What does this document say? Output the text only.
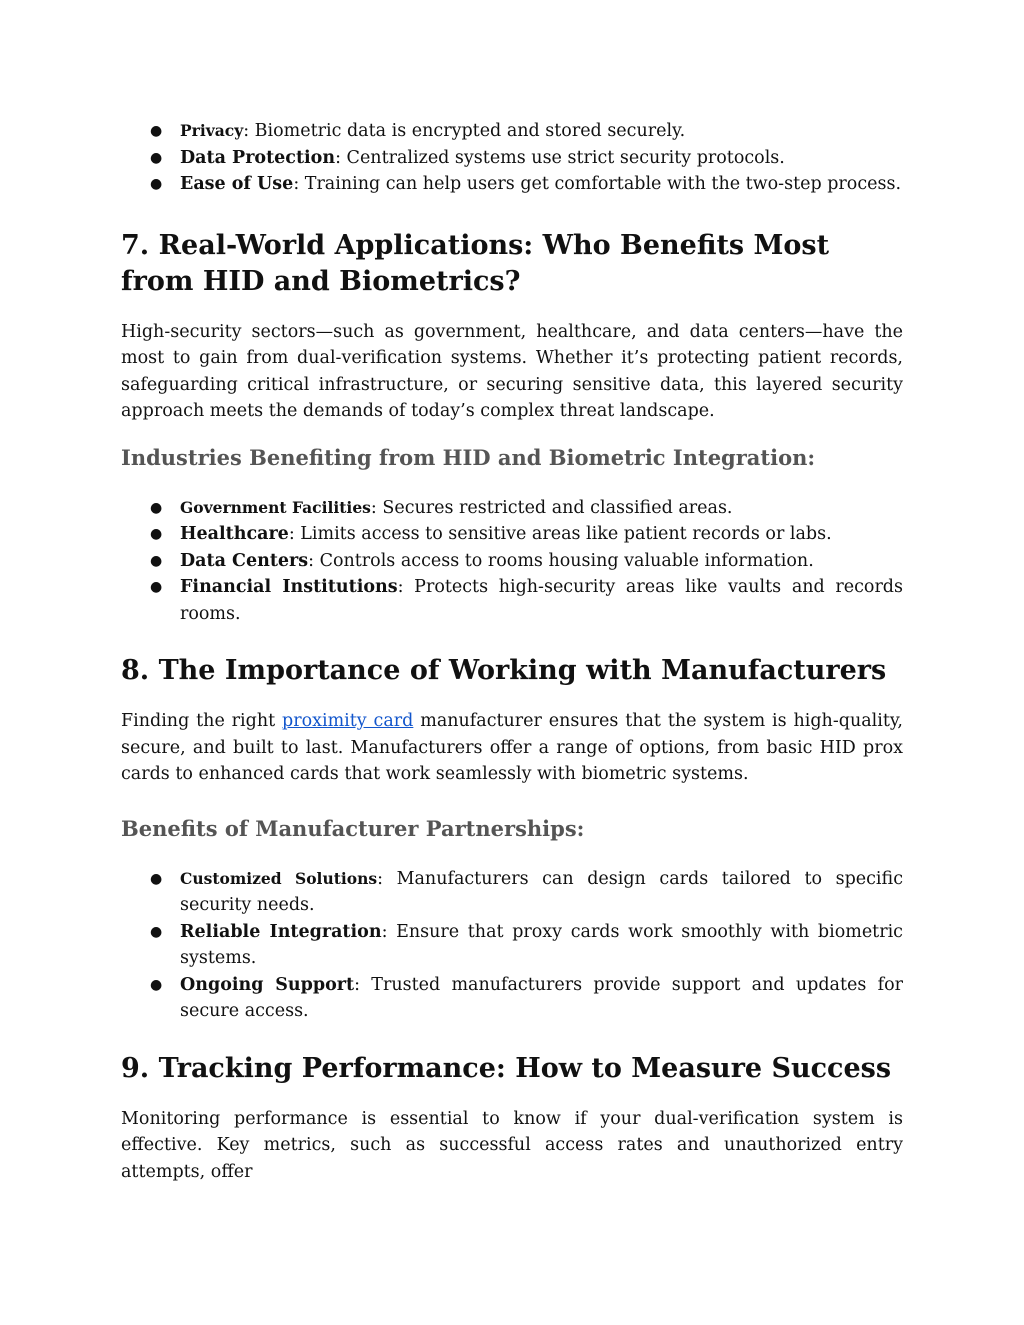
● Privacy: Biometric data is encrypted and stored securely.
● Data Protection: Centralized systems use strict security protocols.
● Ease of Use: Training can help users get comfortable with the two-step process.
7. Real-World Applications: Who Benefits Most from HID and Biometrics?

High-security sectors—such as government, healthcare, and data centers—have the most to gain from dual-verification systems. Whether it’s protecting patient records, safeguarding critical infrastructure, or securing sensitive data, this layered security approach meets the demands of today’s complex threat landscape.

Industries Benefiting from HID and Biometric Integration:
● Government Facilities: Secures restricted and classified areas.
● Healthcare: Limits access to sensitive areas like patient records or labs.
● Data Centers: Controls access to rooms housing valuable information.
● Financial Institutions: Protects high-security areas like vaults and records rooms.
8. The Importance of Working with Manufacturers

Finding the right proximity card manufacturer ensures that the system is high-quality, secure, and built to last. Manufacturers offer a range of options, from basic HID prox cards to enhanced cards that work seamlessly with biometric systems.

Benefits of Manufacturer Partnerships:
● Customized Solutions: Manufacturers can design cards tailored to specific security needs.
● Reliable Integration: Ensure that proxy cards work smoothly with biometric systems.
● Ongoing Support: Trusted manufacturers provide support and updates for secure access.
9. Tracking Performance: How to Measure Success

Monitoring performance is essential to know if your dual-verification system is effective. Key metrics, such as successful access rates and unauthorized entry attempts, offer
